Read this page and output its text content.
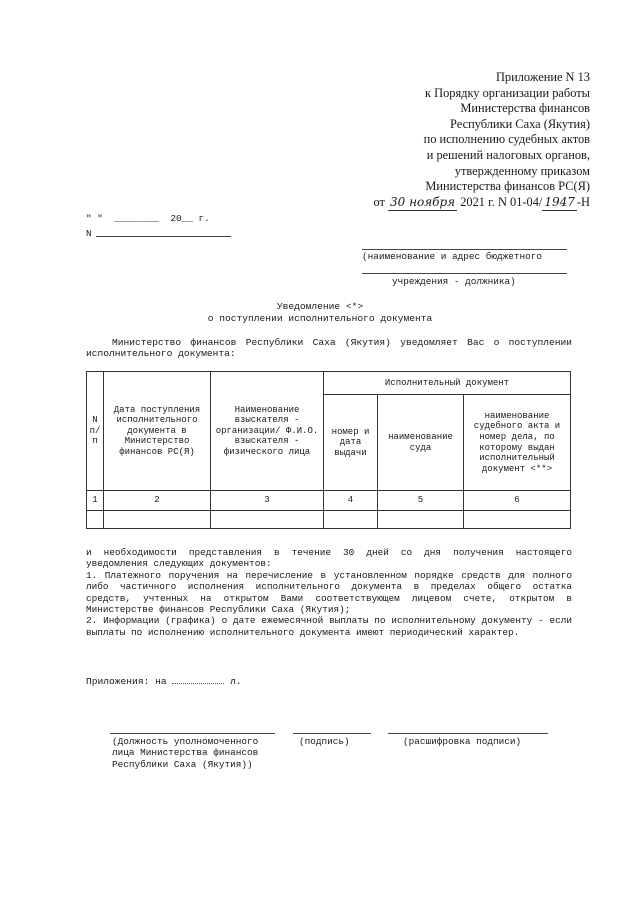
Приложение N 13
к Порядку организации работы
Министерства финансов
Республики Саха (Якутия)
по исполнению судебных актов
и решений налоговых органов,
утвержденному приказом
Министерства финансов РС(Я)
от 30 ноября 2021 г. N 01-04/ 1947 -Н
" "  ________  20__ г.
N
(наименование и адрес бюджетного
учреждения - должника)
Уведомление <*>
о поступлении исполнительного документа
Министерство финансов Республики Саха (Якутия) уведомляет Вас о поступлении исполнительного документа:
N п/п	Дата поступления исполнительного документа в Министерство финансов РС(Я)	Наименование взыскателя - организации/ Ф.И.О. взыскателя - физического лица	Исполнительный документ		
			номер и дата выдачи	наименование суда	наименование судебного акта и номер дела, по которому выдан исполнительный документ <**>
1	2	3	4	5	6

и необходимости представления в течение 30 дней со дня получения настоящего уведомления следующих документов:

1. Платежного поручения на перечисление в установленном порядке средств для полного либо частичного исполнения исполнительного документа в пределах общего остатка средств, учтенных на открытом Вами соответствующем лицевом счете, открытом в Министерстве финансов Республики Саха (Якутия);

2. Информации (графика) о дате ежемесячной выплаты по исполнительному документу - если выплаты по исполнению исполнительного документа имеют периодический характер.

Приложения: на	л.
(Должность уполномоченного
лица Министерства финансов
Республики Саха (Якутия))
(подпись)	(расшифровка подписи)
